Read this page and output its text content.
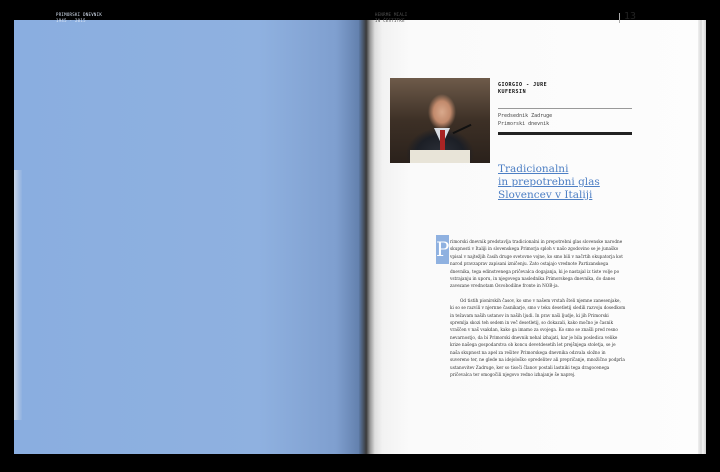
PRIMORSKI DNEVNIK
1945 - 2015
HENRME MIALI
IN ČESTITKE	13
GIORGIO - JURE
KUFERSIN
Predsednik Zadruge
Primorski dnevnik
Tradicionalni
in prepotrebni glas
Slovencev v Italiji
P rimorski dnevnik predstavlja tradicionalni in prepotrebni glas slovenske narodne skupnosti v Italiji in slovenskega Primorja sploh v našo zgodovino se je junaško vpisal v najtežjih časih druge svetovne vojne, ko smo bili v načrtih okupatorja kot narod pravzaprav zapisani izničenju. Zato ostajajo vrednote Partizanskega dnevnika, tega edinstvenega pričevalca dogajanja, ki je nastajal iz tiste volje po vstrajanju in uporu, in njegovega naslednika Primorskega dnevnika, do danes zavezane vrednotam Osvobodilne fronte in NOB-ja.

Od tistih pionirskih časov, ko smo v našem vrstah šteli njemne zanesenjake, ki so se razvili v njernne časnikarje, smo v teku desetletij sledili razvoju dosedkom in težavam naših ustanov in naših ljudi. In prav naši ljudje, ki jih Primorski spremlja skozi teh sedem in več desetletij, so dokazali, kako močno je časnik vraščen v naš vsakdan, kako ga imamo za svojega. Ko smo se znašli pred resno nevarnostjo, da bi Primorski dnevnik nehal izhajati, kar je bila posledica velike krize našega gospodarstva ob koncu devetdesetih let prejšnjega stoletja, se je naša skupnost na apel za rešitev Primorskega dnevnika odzvala složno in suvereno ter, ne glede na idejološko opredelitev ali prepričanje, množično podprla ustanovitev Zadruge, ker so tisoči članov postali lastniki tega dragocenega pričevalca ter omogočili njegovo redno izhajanje še naprej.
